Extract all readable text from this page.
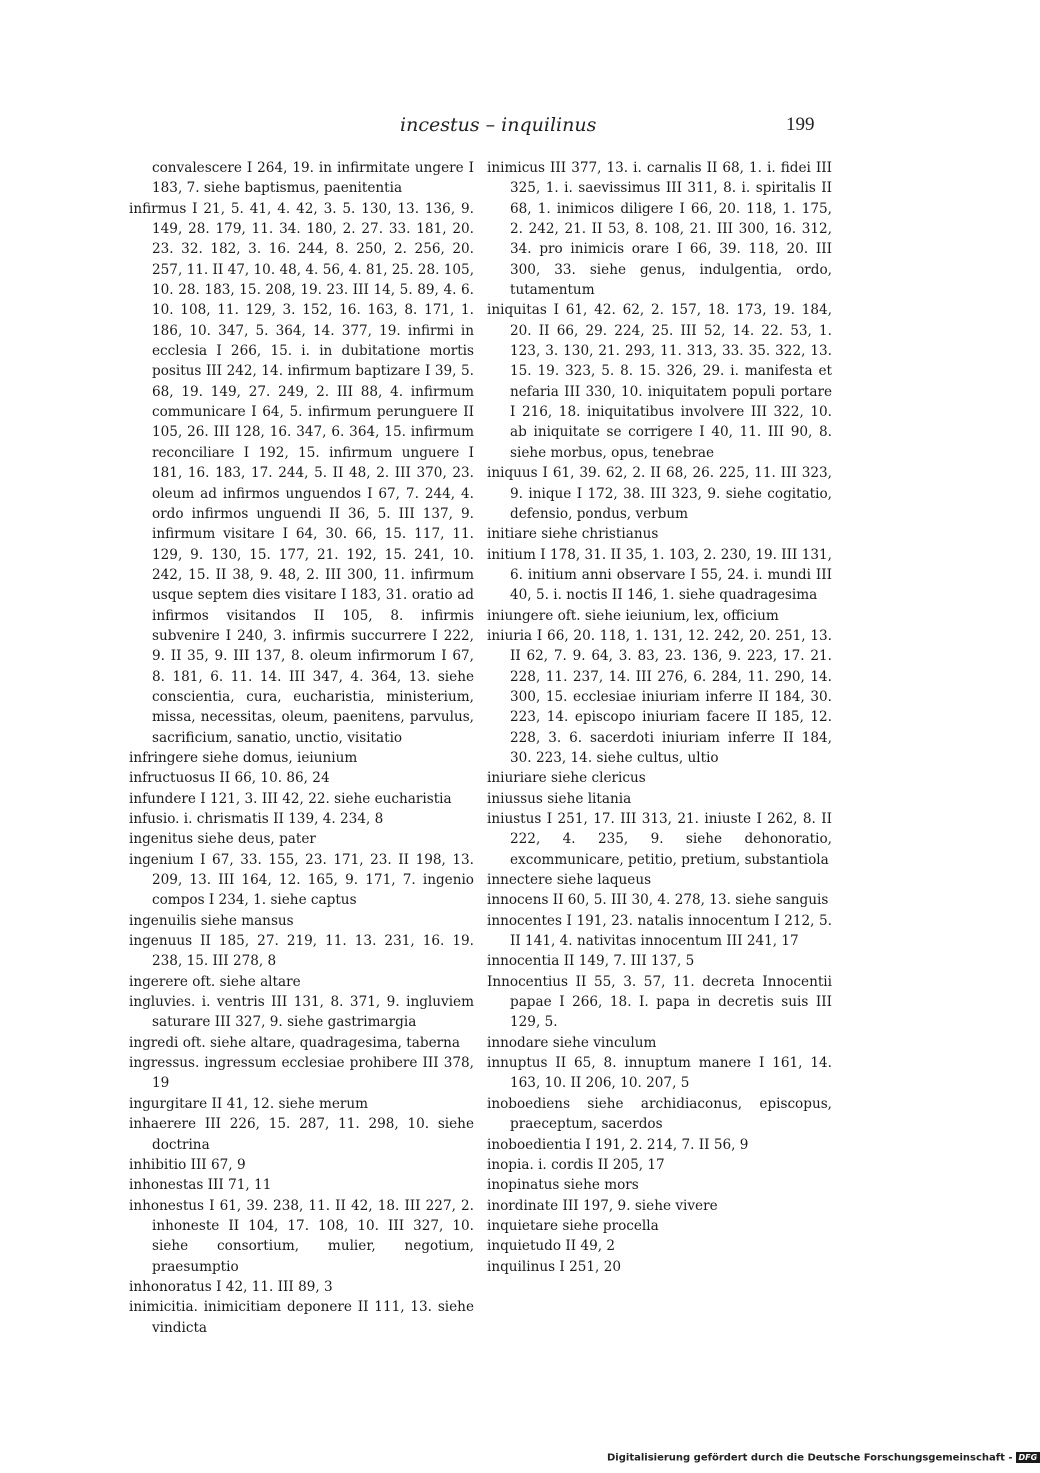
incestus – inquilinus	199

convalescere I 264, 19. in infirmitate ungere I 183, 7. siehe baptismus, paenitentia

infirmus I 21, 5. 41, 4. 42, 3. 5. 130, 13. 136, 9. 149, 28. 179, 11. 34. 180, 2. 27. 33. 181, 20. 23. 32. 182, 3. 16. 244, 8. 250, 2. 256, 20. 257, 11. II 47, 10. 48, 4. 56, 4. 81, 25. 28. 105, 10. 28. 183, 15. 208, 19. 23. III 14, 5. 89, 4. 6. 10. 108, 11. 129, 3. 152, 16. 163, 8. 171, 1. 186, 10. 347, 5. 364, 14. 377, 19. infirmi in ecclesia I 266, 15. i. in dubitatione mortis positus III 242, 14. infirmum baptizare I 39, 5. 68, 19. 149, 27. 249, 2. III 88, 4. infirmum communicare I 64, 5. infirmum perunguere II 105, 26. III 128, 16. 347, 6. 364, 15. infirmum reconciliare I 192, 15. infirmum unguere I 181, 16. 183, 17. 244, 5. II 48, 2. III 370, 23. oleum ad infirmos unguendos I 67, 7. 244, 4. ordo infirmos unguendi II 36, 5. III 137, 9. infirmum visitare I 64, 30. 66, 15. 117, 11. 129, 9. 130, 15. 177, 21. 192, 15. 241, 10. 242, 15. II 38, 9. 48, 2. III 300, 11. infirmum usque septem dies visitare I 183, 31. oratio ad infirmos visitandos II 105, 8. infirmis subvenire I 240, 3. infirmis succurrere I 222, 9. II 35, 9. III 137, 8. oleum infirmorum I 67, 8. 181, 6. 11. 14. III 347, 4. 364, 13. siehe conscientia, cura, eucharistia, ministerium, missa, necessitas, oleum, paenitens, parvulus, sacrificium, sanatio, unctio, visitatio

infringere siehe domus, ieiunium

infructuosus II 66, 10. 86, 24

infundere I 121, 3. III 42, 22. siehe eucharistia

infusio. i. chrismatis II 139, 4. 234, 8

ingenitus siehe deus, pater

ingenium I 67, 33. 155, 23. 171, 23. II 198, 13. 209, 13. III 164, 12. 165, 9. 171, 7. ingenio compos I 234, 1. siehe captus

ingenuilis siehe mansus

ingenuus II 185, 27. 219, 11. 13. 231, 16. 19. 238, 15. III 278, 8

ingerere oft. siehe altare

ingluvies. i. ventris III 131, 8. 371, 9. ingluviem saturare III 327, 9. siehe gastrimargia

ingredi oft. siehe altare, quadragesima, taberna

ingressus. ingressum ecclesiae prohibere III 378, 19

ingurgitare II 41, 12. siehe merum

inhaerere III 226, 15. 287, 11. 298, 10. siehe doctrina

inhibitio III 67, 9

inhonestas III 71, 11

inhonestus I 61, 39. 238, 11. II 42, 18. III 227, 2. inhoneste II 104, 17. 108, 10. III 327, 10. siehe consortium, mulier, negotium, praesumptio

inhonoratus I 42, 11. III 89, 3

inimicitia. inimicitiam deponere II 111, 13. siehe vindicta

inimicus III 377, 13. i. carnalis II 68, 1. i. fidei III 325, 1. i. saevissimus III 311, 8. i. spiritalis II 68, 1. inimicos diligere I 66, 20. 118, 1. 175, 2. 242, 21. II 53, 8. 108, 21. III 300, 16. 312, 34. pro inimicis orare I 66, 39. 118, 20. III 300, 33. siehe genus, indulgentia, ordo, tutamentum

iniquitas I 61, 42. 62, 2. 157, 18. 173, 19. 184, 20. II 66, 29. 224, 25. III 52, 14. 22. 53, 1. 123, 3. 130, 21. 293, 11. 313, 33. 35. 322, 13. 15. 19. 323, 5. 8. 15. 326, 29. i. manifesta et nefaria III 330, 10. iniquitatem populi portare I 216, 18. iniquitatibus involvere III 322, 10. ab iniquitate se corrigere I 40, 11. III 90, 8. siehe morbus, opus, tenebrae

iniquus I 61, 39. 62, 2. II 68, 26. 225, 11. III 323, 9. inique I 172, 38. III 323, 9. siehe cogitatio, defensio, pondus, verbum

initiare siehe christianus

initium I 178, 31. II 35, 1. 103, 2. 230, 19. III 131, 6. initium anni observare I 55, 24. i. mundi III 40, 5. i. noctis II 146, 1. siehe quadragesima

iniungere oft. siehe ieiunium, lex, officium

iniuria I 66, 20. 118, 1. 131, 12. 242, 20. 251, 13. II 62, 7. 9. 64, 3. 83, 23. 136, 9. 223, 17. 21. 228, 11. 237, 14. III 276, 6. 284, 11. 290, 14. 300, 15. ecclesiae iniuriam inferre II 184, 30. 223, 14. episcopo iniuriam facere II 185, 12. 228, 3. 6. sacerdoti iniuriam inferre II 184, 30. 223, 14. siehe cultus, ultio

iniuriare siehe clericus

iniussus siehe litania

iniustus I 251, 17. III 313, 21. iniuste I 262, 8. II 222, 4. 235, 9. siehe dehonoratio, excommunicare, petitio, pretium, substantiola

innectere siehe laqueus

innocens II 60, 5. III 30, 4. 278, 13. siehe sanguis

innocentes I 191, 23. natalis innocentum I 212, 5. II 141, 4. nativitas innocentum III 241, 17

innocentia II 149, 7. III 137, 5

Innocentius II 55, 3. 57, 11. decreta Innocentii papae I 266, 18. I. papa in decretis suis III 129, 5.

innodare siehe vinculum

innuptus II 65, 8. innuptum manere I 161, 14. 163, 10. II 206, 10. 207, 5

inoboediens siehe archidiaconus, episcopus, praeceptum, sacerdos

inoboedientia I 191, 2. 214, 7. II 56, 9

inopia. i. cordis II 205, 17

inopinatus siehe mors

inordinate III 197, 9. siehe vivere

inquietare siehe procella

inquietudo II 49, 2

inquilinus I 251, 20

Digitalisierung gefördert durch die Deutsche Forschungsgemeinschaft - DFG
